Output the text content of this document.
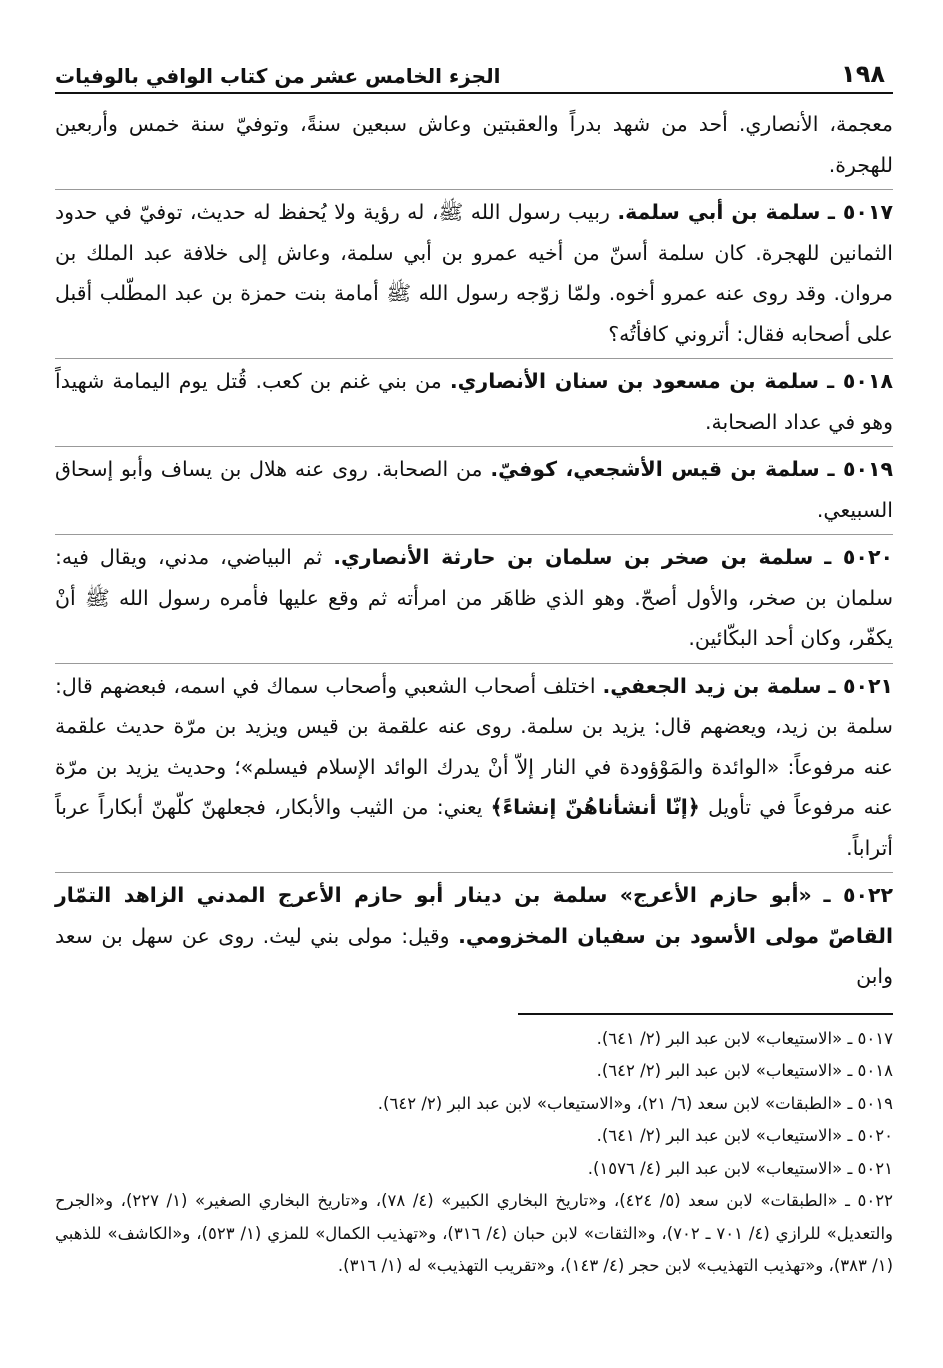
١٩٨
الجزء الخامس عشر من كتاب الوافي بالوفيات
معجمة، الأنصاري. أحد من شهد بدراً والعقبتين وعاش سبعين سنةً، وتوفيّ سنة خمس وأربعين للهجرة.
٥٠١٧ ـ سلمة بن أبي سلمة. ربيب رسول الله ﷺ، له رؤية ولا يُحفظ له حديث، توفيّ في حدود الثمانين للهجرة. كان سلمة أسنّ من أخيه عمرو بن أبي سلمة، وعاش إلى خلافة عبد الملك بن مروان. وقد روى عنه عمرو أخوه. ولمّا زوّجه رسول الله ﷺ أمامة بنت حمزة بن عبد المطّلب أقبل على أصحابه فقال: أتروني كافأتُه؟
٥٠١٨ ـ سلمة بن مسعود بن سنان الأنصاري. من بني غنم بن كعب. قُتل يوم اليمامة شهيداً وهو في عداد الصحابة.
٥٠١٩ ـ سلمة بن قيس الأشجعي، كوفيّ. من الصحابة. روى عنه هلال بن يساف وأبو إسحاق السبيعي.
٥٠٢٠ ـ سلمة بن صخر بن سلمان بن حارثة الأنصاري. ثم البياضي، مدني، ويقال فيه: سلمان بن صخر، والأول أصحّ. وهو الذي ظاهَر من امرأته ثم وقع عليها فأمره رسول الله ﷺ أنْ يكفّر، وكان أحد البكّائين.
٥٠٢١ ـ سلمة بن زيد الجعفي. اختلف أصحاب الشعبي وأصحاب سماك في اسمه، فبعضهم قال: سلمة بن زيد، ويعضهم قال: يزيد بن سلمة. روى عنه علقمة بن قيس ويزيد بن مرّة حديث علقمة عنه مرفوعاً: «الوائدة والمَوْؤودة في النار إلاّ أنْ يدرك الوائد الإسلام فيسلم»؛ وحديث يزيد بن مرّة عنه مرفوعاً في تأويل ﴿إنّا أنشأناهُنّ إنشاءً﴾ يعني: من الثيب والأبكار، فجعلهنّ كلّهنّ أبكاراً عرباً أتراباً.
٥٠٢٢ ـ «أبو حازم الأعرج» سلمة بن دينار أبو حازم الأعرج المدني الزاهد التمّار القاصّ مولى الأسود بن سفيان المخزومي. وقيل: مولى بني ليث. روى عن سهل بن سعد وابن

٥٠١٧ ـ «الاستيعاب» لابن عبد البر (٢/ ٦٤١).

٥٠١٨ ـ «الاستيعاب» لابن عبد البر (٢/ ٦٤٢).

٥٠١٩ ـ «الطبقات» لابن سعد (٦/ ٢١)، و«الاستيعاب» لابن عبد البر (٢/ ٦٤٢).

٥٠٢٠ ـ «الاستيعاب» لابن عبد البر (٢/ ٦٤١).

٥٠٢١ ـ «الاستيعاب» لابن عبد البر (٤/ ١٥٧٦).

٥٠٢٢ ـ «الطبقات» لابن سعد (٥/ ٤٢٤)، و«تاريخ البخاري الكبير» (٤/ ٧٨)، و«تاريخ البخاري الصغير» (١/ ٢٢٧)، و«الجرح والتعديل» للرازي (٤/ ٧٠١ ـ ٧٠٢)، و«الثقات» لابن حبان (٤/ ٣١٦)، و«تهذيب الكمال» للمزي (١/ ٥٢٣)، و«الكاشف» للذهبي (١/ ٣٨٣)، و«تهذيب التهذيب» لابن حجر (٤/ ١٤٣)، و«تقريب التهذيب» له (١/ ٣١٦).
